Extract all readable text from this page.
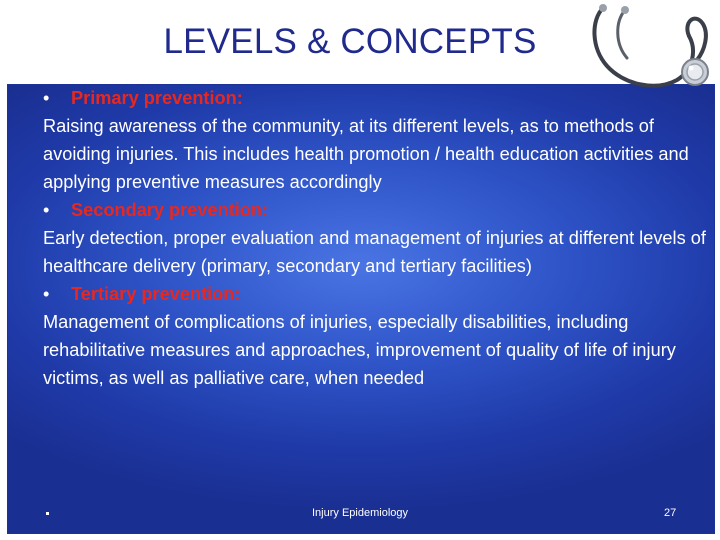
LEVELS & CONCEPTS
• Primary prevention:
Raising awareness of the community, at its different levels, as to methods of avoiding injuries. This includes health promotion / health education activities and applying preventive measures accordingly
• Secondary prevention:
Early detection, proper evaluation and management of injuries at different levels of healthcare delivery (primary, secondary and tertiary facilities)
• Tertiary prevention:
Management of complications of injuries, especially disabilities, including rehabilitative measures and approaches, improvement of quality of life of injury victims, as well as palliative care, when needed
Injury Epidemiology	27
